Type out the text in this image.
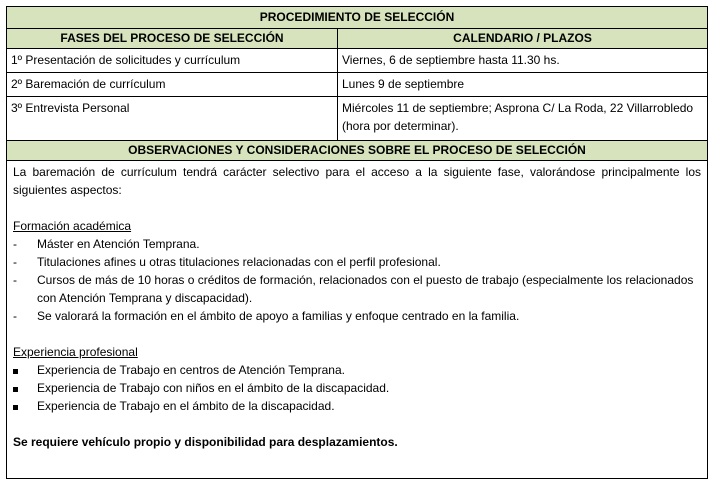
PROCEDIMIENTO DE SELECCIÓN
FASES DEL PROCESO DE SELECCIÓN	CALENDARIO / PLAZOS
1º Presentación de solicitudes y currículum	Viernes, 6 de septiembre hasta 11.30 hs.
2º Baremación de currículum	Lunes 9 de septiembre
3º Entrevista Personal	Miércoles 11 de septiembre; Asprona C/ La Roda, 22 Villarrobledo (hora por determinar).
OBSERVACIONES Y CONSIDERACIONES SOBRE EL PROCESO DE SELECCIÓN

La baremación de currículum tendrá carácter selectivo para el acceso a la siguiente fase, valorándose principalmente los siguientes aspectos:

Formación académica

-	Máster en Atención Temprana.
-	Titulaciones afines u otras titulaciones relacionadas con el perfil profesional.
-	Cursos de más de 10 horas o créditos de formación, relacionados con el puesto de trabajo (especialmente los relacionados con Atención Temprana y discapacidad).
-	Se valorará la formación en el ámbito de apoyo a familias y enfoque centrado en la familia.

Experiencia profesional

Experiencia de Trabajo en centros de Atención Temprana.
Experiencia de Trabajo con niños en el ámbito de la discapacidad.
Experiencia de Trabajo en el ámbito de la discapacidad.

Se requiere vehículo propio y disponibilidad para desplazamientos.
